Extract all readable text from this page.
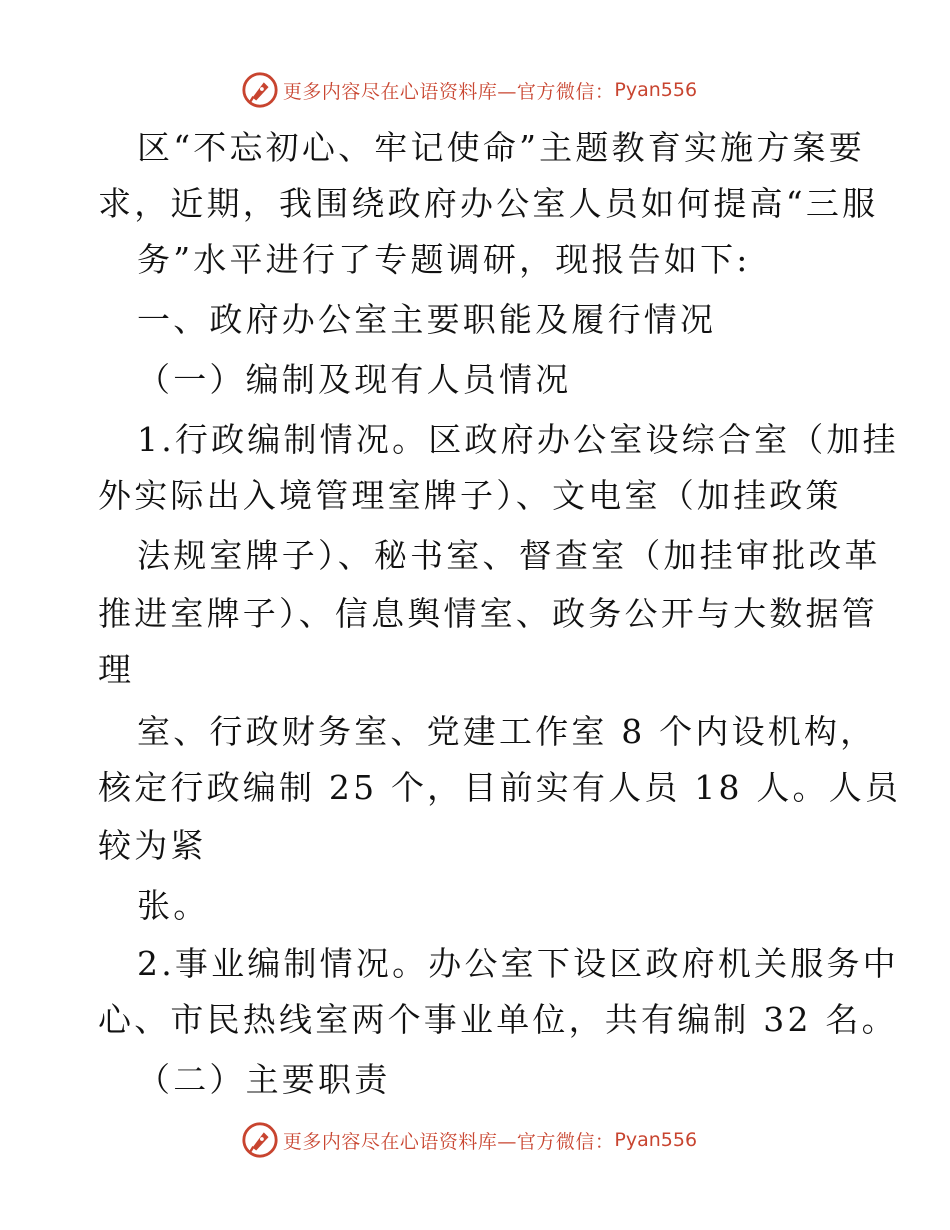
更多内容尽在心语资料库—官方微信： Pyan556
区“不忘初心、牢记使命”主题教育实施方案要
求，近期，我围绕政府办公室人员如何提高“三服
务”水平进行了专题调研，现报告如下:
一、政府办公室主要职能及履行情况
（一）编制及现有人员情况
1.行政编制情况。区政府办公室设综合室（加挂
外实际出入境管理室牌子）、文电室（加挂政策
法规室牌子）、秘书室、督查室（加挂审批改革
推进室牌子）、信息舆情室、政务公开与大数据管
理
室、行政财务室、党建工作室 8 个内设机构，
核定行政编制 25 个，目前实有人员 18 人。人员
较为紧
张。
2.事业编制情况。办公室下设区政府机关服务中
心、市民热线室两个事业单位，共有编制 32 名。
（二）主要职责
更多内容尽在心语资料库—官方微信： Pyan556
